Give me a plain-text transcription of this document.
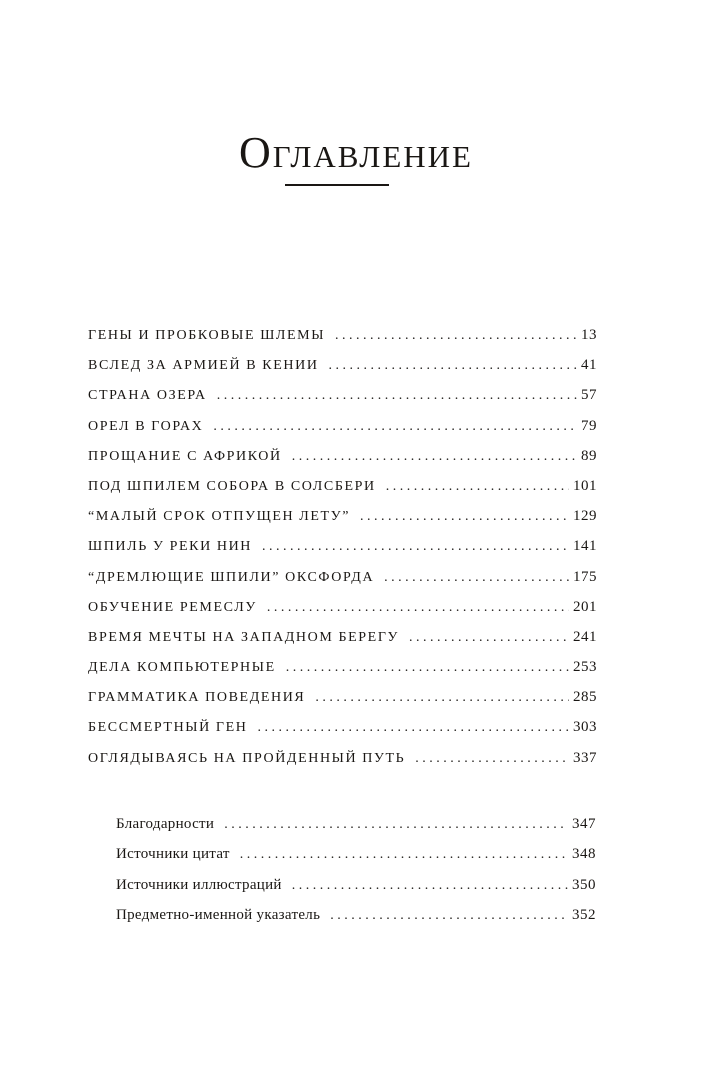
Оглавление
ГЕНЫ И ПРОБКОВЫЕ ШЛЕМЫ . . .	13
ВСЛЕД ЗА АРМИЕЙ В КЕНИИ . . .	41
СТРАНА ОЗЕРА . . .	57
ОРЕЛ В ГОРАХ . . .	79
ПРОЩАНИЕ С АФРИКОЙ . . .	89
ПОД ШПИЛЕМ СОБОРА В СОЛСБЕРИ . . .	101
“МАЛЫЙ СРОК ОТПУЩЕН ЛЕТУ” . . .	129
ШПИЛЬ У РЕКИ НИН . . .	141
“ДРЕМЛЮЩИЕ ШПИЛИ” ОКСФОРДА . . .	175
ОБУЧЕНИЕ РЕМЕСЛУ . . .	201
ВРЕМЯ МЕЧТЫ НА ЗАПАДНОМ БЕРЕГУ . . .	241
ДЕЛА КОМПЬЮТЕРНЫЕ . . .	253
ГРАММАТИКА ПОВЕДЕНИЯ . . .	285
БЕССМЕРТНЫЙ ГЕН . . .	303
ОГЛЯДЫВАЯСЬ НА ПРОЙДЕННЫЙ ПУТЬ . . .	337
Благодарности . . .	347
Источники цитат . . .	348
Источники иллюстраций . . .	350
Предметно-именной указатель . . .	352
